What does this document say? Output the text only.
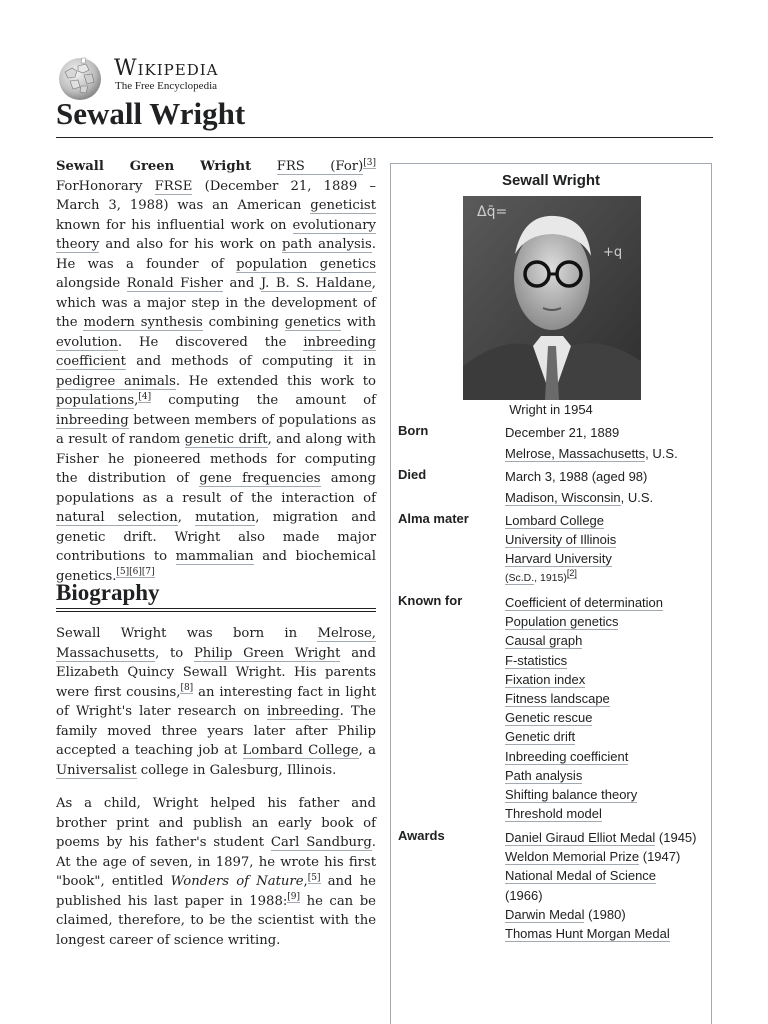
Wikipedia
The Free Encyclopedia
Sewall Wright

Sewall Green Wright FRS (For)[3] ForHonorary FRSE (December 21, 1889 – March 3, 1988) was an American geneticist known for his influential work on evolutionary theory and also for his work on path analysis. He was a founder of population genetics alongside Ronald Fisher and J. B. S. Haldane, which was a major step in the development of the modern synthesis combining genetics with evolution. He discovered the inbreeding coefficient and methods of computing it in pedigree animals. He extended this work to populations,[4] computing the amount of inbreeding between members of populations as a result of random genetic drift, and along with Fisher he pioneered methods for computing the distribution of gene frequencies among populations as a result of the interaction of natural selection, mutation, migration and genetic drift. Wright also made major contributions to mammalian and biochemical genetics.[5][6][7]

Biography

Sewall Wright was born in Melrose, Massachusetts, to Philip Green Wright and Elizabeth Quincy Sewall Wright. His parents were first cousins,[8] an interesting fact in light of Wright's later research on inbreeding. The family moved three years later after Philip accepted a teaching job at Lombard College, a Universalist college in Galesburg, Illinois.

As a child, Wright helped his father and brother print and publish an early book of poems by his father's student Carl Sandburg. At the age of seven, in 1897, he wrote his first "book", entitled Wonders of Nature,[5] and he published his last paper in 1988:[9] he can be claimed, therefore, to be the scientist with the longest career of science writing.

Sewall Wright
Δq̄=
+q
Wright in 1954
Born	December 21, 1889
Melrose, Massachusetts, U.S.
Died	March 3, 1988 (aged 98)
Madison, Wisconsin, U.S.
Alma mater	Lombard College
University of Illinois
Harvard University
(Sc.D., 1915)[2]
Known for	Coefficient of determination
Population genetics
Causal graph
F-statistics
Fixation index
Fitness landscape
Genetic rescue
Genetic drift
Inbreeding coefficient
Path analysis
Shifting balance theory
Threshold model
Awards	Daniel Giraud Elliot Medal (1945)
Weldon Memorial Prize (1947)
National Medal of Science
(1966)
Darwin Medal (1980)
Thomas Hunt Morgan Medal
